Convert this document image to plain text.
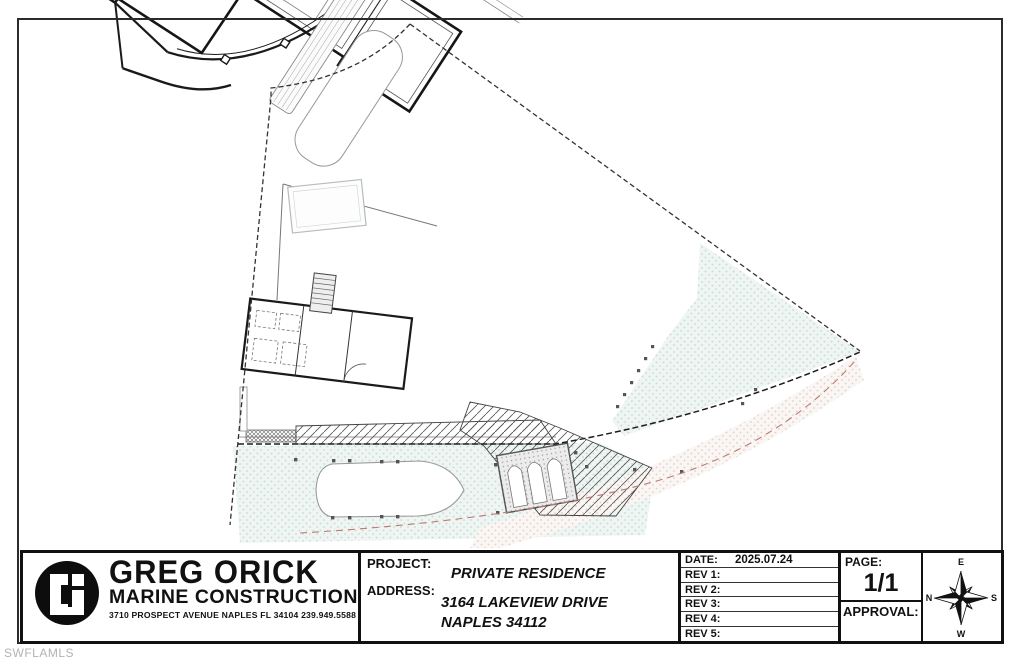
GREG ORICK
MARINE CONSTRUCTION
3710 PROSPECT AVENUE NAPLES FL 34104 239.949.5588
PROJECT:
PRIVATE RESIDENCE
ADDRESS:
3164 LAKEVIEW DRIVE
NAPLES 34112
DATE:	2025.07.24
REV 1:
REV 2:
REV 3:
REV 4:
REV 5:
PAGE:
1/1
APPROVAL:
E
S
W
N
SWFLAMLS
